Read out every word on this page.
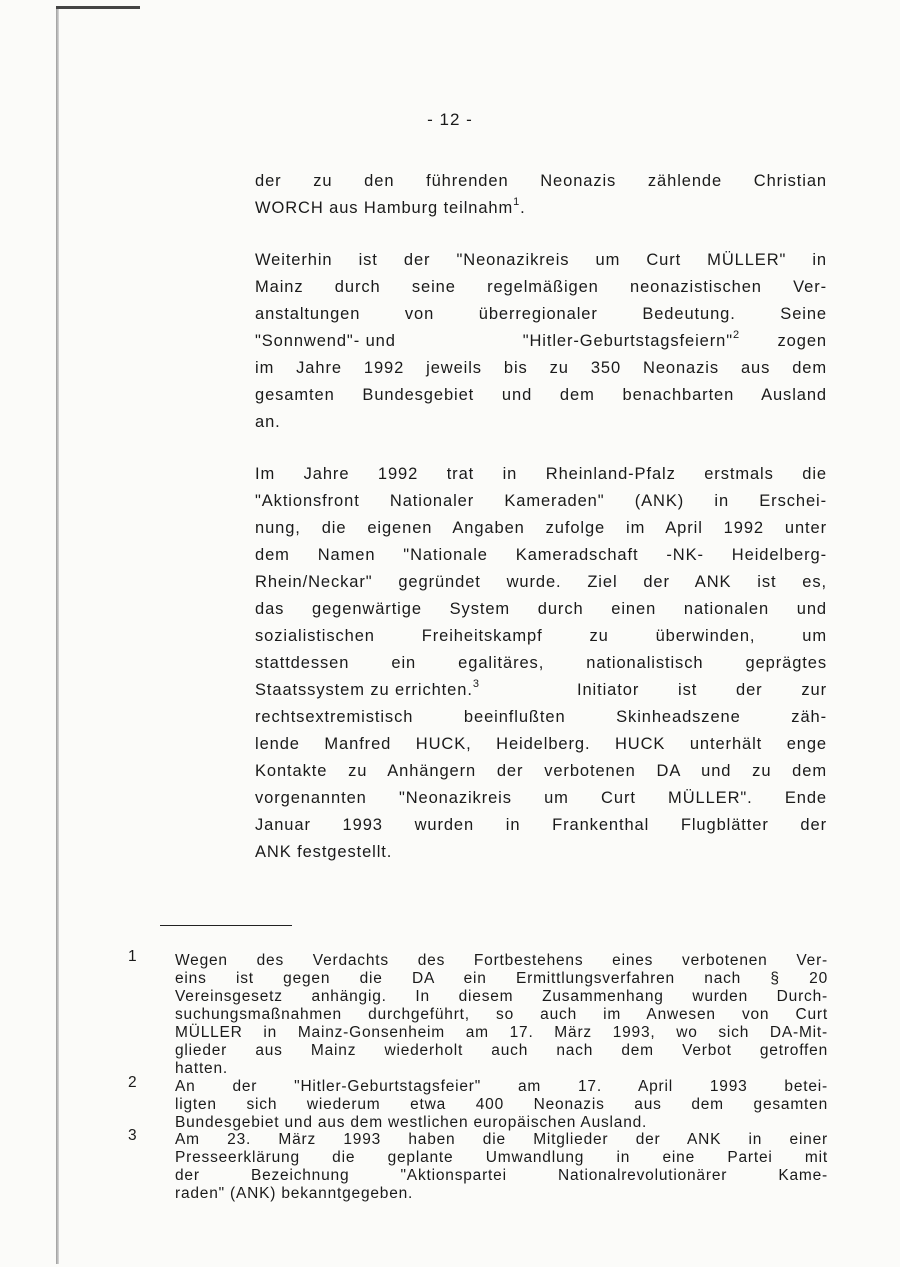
- 12 -
der zu den führenden Neonazis zählende Christian
WORCH aus Hamburg teilnahm$^1$.
Weiterhin ist der "Neonazikreis um Curt MÜLLER" in
Mainz durch seine regelmäßigen neonazistischen Ver-
anstaltungen von überregionaler Bedeutung. Seine
"Sonnwend"- und	"Hitler-Geburtstagsfeiern"$^2$ zogen
im Jahre 1992 jeweils bis zu 350 Neonazis aus dem
gesamten Bundesgebiet und dem benachbarten Ausland
an.
Im Jahre 1992 trat in Rheinland-Pfalz erstmals die
"Aktionsfront Nationaler Kameraden" (ANK) in Erschei-
nung, die eigenen Angaben zufolge im April 1992 unter
dem Namen "Nationale Kameradschaft -NK- Heidelberg-
Rhein/Neckar" gegründet wurde. Ziel der ANK ist es,
das gegenwärtige System durch einen nationalen und
sozialistischen Freiheitskampf zu überwinden, um
stattdessen ein egalitäres, nationalistisch geprägtes
Staatssystem zu errichten.$^3$	Initiator ist der zur
rechtsextremistisch beeinflußten Skinheadszene zäh-
lende Manfred HUCK, Heidelberg. HUCK unterhält enge
Kontakte zu Anhängern der verbotenen DA und zu dem
vorgenannten "Neonazikreis um Curt MÜLLER". Ende
Januar 1993 wurden in Frankenthal Flugblätter der
ANK festgestellt.
1	Wegen des Verdachts des Fortbestehens eines verbotenen Ver-
eins ist gegen die DA ein Ermittlungsverfahren nach § 20
Vereinsgesetz anhängig. In diesem Zusammenhang wurden Durch-
suchungsmaßnahmen durchgeführt, so auch im Anwesen von Curt
MÜLLER in Mainz-Gonsenheim am 17. März 1993, wo sich DA-Mit-
glieder aus Mainz wiederholt auch nach dem Verbot getroffen
hatten.
2	An der "Hitler-Geburtstagsfeier" am 17. April 1993 betei-
ligten sich wiederum etwa 400 Neonazis aus dem gesamten
Bundesgebiet und aus dem westlichen europäischen Ausland.
3	Am 23. März 1993 haben die Mitglieder der ANK in einer
Presseerklärung die geplante Umwandlung in eine Partei mit
der Bezeichnung "Aktionspartei Nationalrevolutionärer Kame-
raden" (ANK) bekanntgegeben.
